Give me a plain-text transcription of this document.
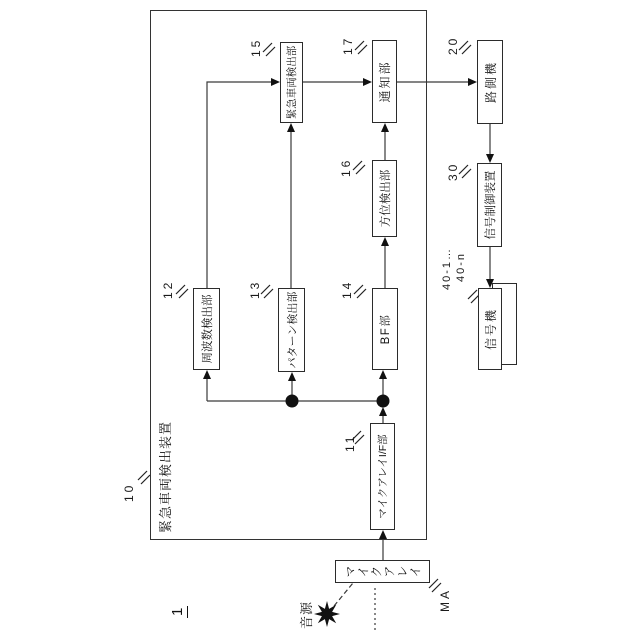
緊急車両検出装置
10	マイクアレイI/F部
11
周波数検出部
12
パターン検出部
13
BF部
14
緊急車両検出部
15
方位検出部
16
通知部
17
路側機
20
信号制御装置
30
信号機
40-1… 40-n
マイクアレイ
MA
音源
1
